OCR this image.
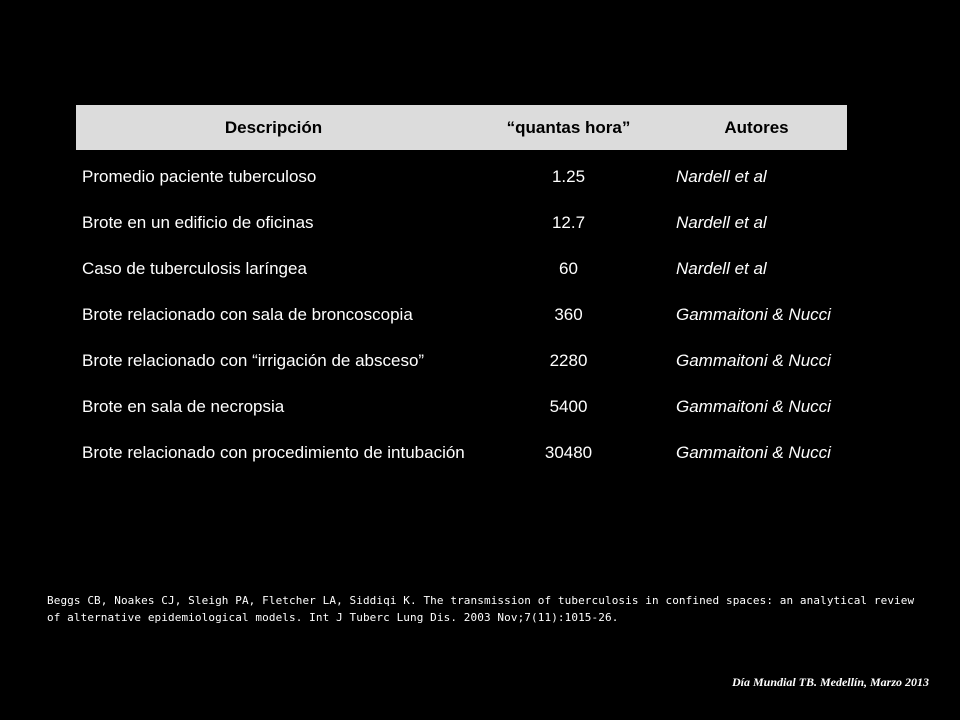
Descripción	“quantas hora”	Autores
Promedio paciente tuberculoso	1.25	Nardell et al
Brote en un edificio de oficinas	12.7	Nardell et al
Caso de tuberculosis laríngea	60	Nardell et al
Brote relacionado con sala de broncoscopia	360	Gammaitoni & Nucci
Brote relacionado con “irrigación de absceso”	2280	Gammaitoni & Nucci
Brote en sala de necropsia	5400	Gammaitoni & Nucci
Brote relacionado con procedimiento de intubación	30480	Gammaitoni & Nucci
Beggs CB, Noakes CJ, Sleigh PA, Fletcher LA, Siddiqi K. The transmission of tuberculosis in confined spaces: an analytical review of alternative epidemiological models. Int J Tuberc Lung Dis. 2003 Nov;7(11):1015-26.
Día Mundial TB. Medellín, Marzo 2013
